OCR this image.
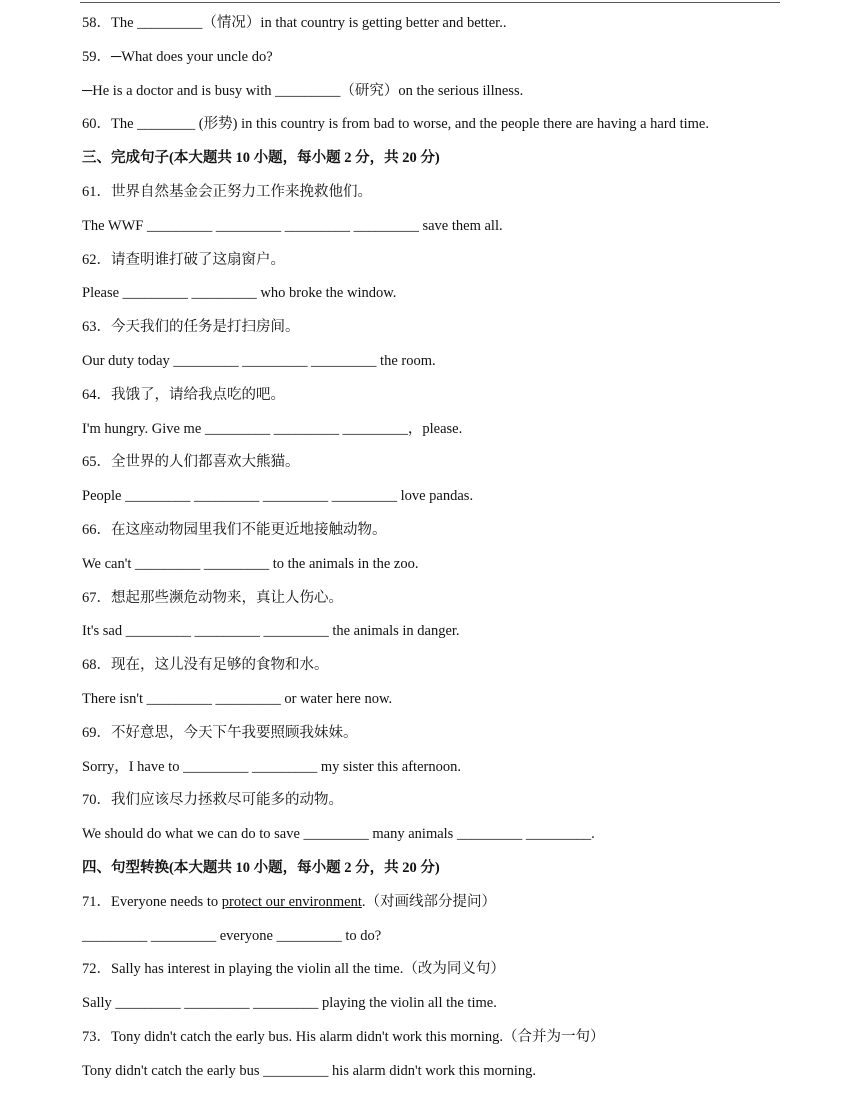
58．The _________（情况）in that country is getting better and better..
59．─What does your uncle do?
─He is a doctor and is busy with _________（研究）on the serious illness.
60．The ________ (形势) in this country is from bad to worse, and the people there are having a hard time.
三、完成句子(本大题共 10 小题，每小题 2 分，共 20 分)
61．世界自然基金会正努力工作来挽救他们。
The WWF _________ _________ _________ _________ save them all.
62．请查明谁打破了这扇窗户。
Please _________ _________ who broke the window.
63．今天我们的任务是打扫房间。
Our duty today _________ _________ _________ the room.
64．我饿了，请给我点吃的吧。
I'm hungry. Give me _________ _________ _________，please.
65．全世界的人们都喜欢大熊猫。
People _________ _________ _________ _________ love pandas.
66．在这座动物园里我们不能更近地接触动物。
We can't _________ _________ to the animals in the zoo.
67．想起那些濒危动物来，真让人伤心。
It's sad _________ _________ _________ the animals in danger.
68．现在，这儿没有足够的食物和水。
There isn't _________ _________ or water here now.
69．不好意思，今天下午我要照顾我妹妹。
Sorry，I have to _________ _________ my sister this afternoon.
70．我们应该尽力拯救尽可能多的动物。
We should do what we can do to save _________ many animals _________ _________.
四、句型转换(本大题共 10 小题，每小题 2 分，共 20 分)
71．Everyone needs to protect our environment.（对画线部分提问）
_________ _________ everyone _________ to do?
72．Sally has interest in playing the violin all the time.（改为同义句）
Sally _________ _________ _________ playing the violin all the time.
73．Tony didn't catch the early bus. His alarm didn't work this morning.（合并为一句）
Tony didn't catch the early bus _________ his alarm didn't work this morning.
